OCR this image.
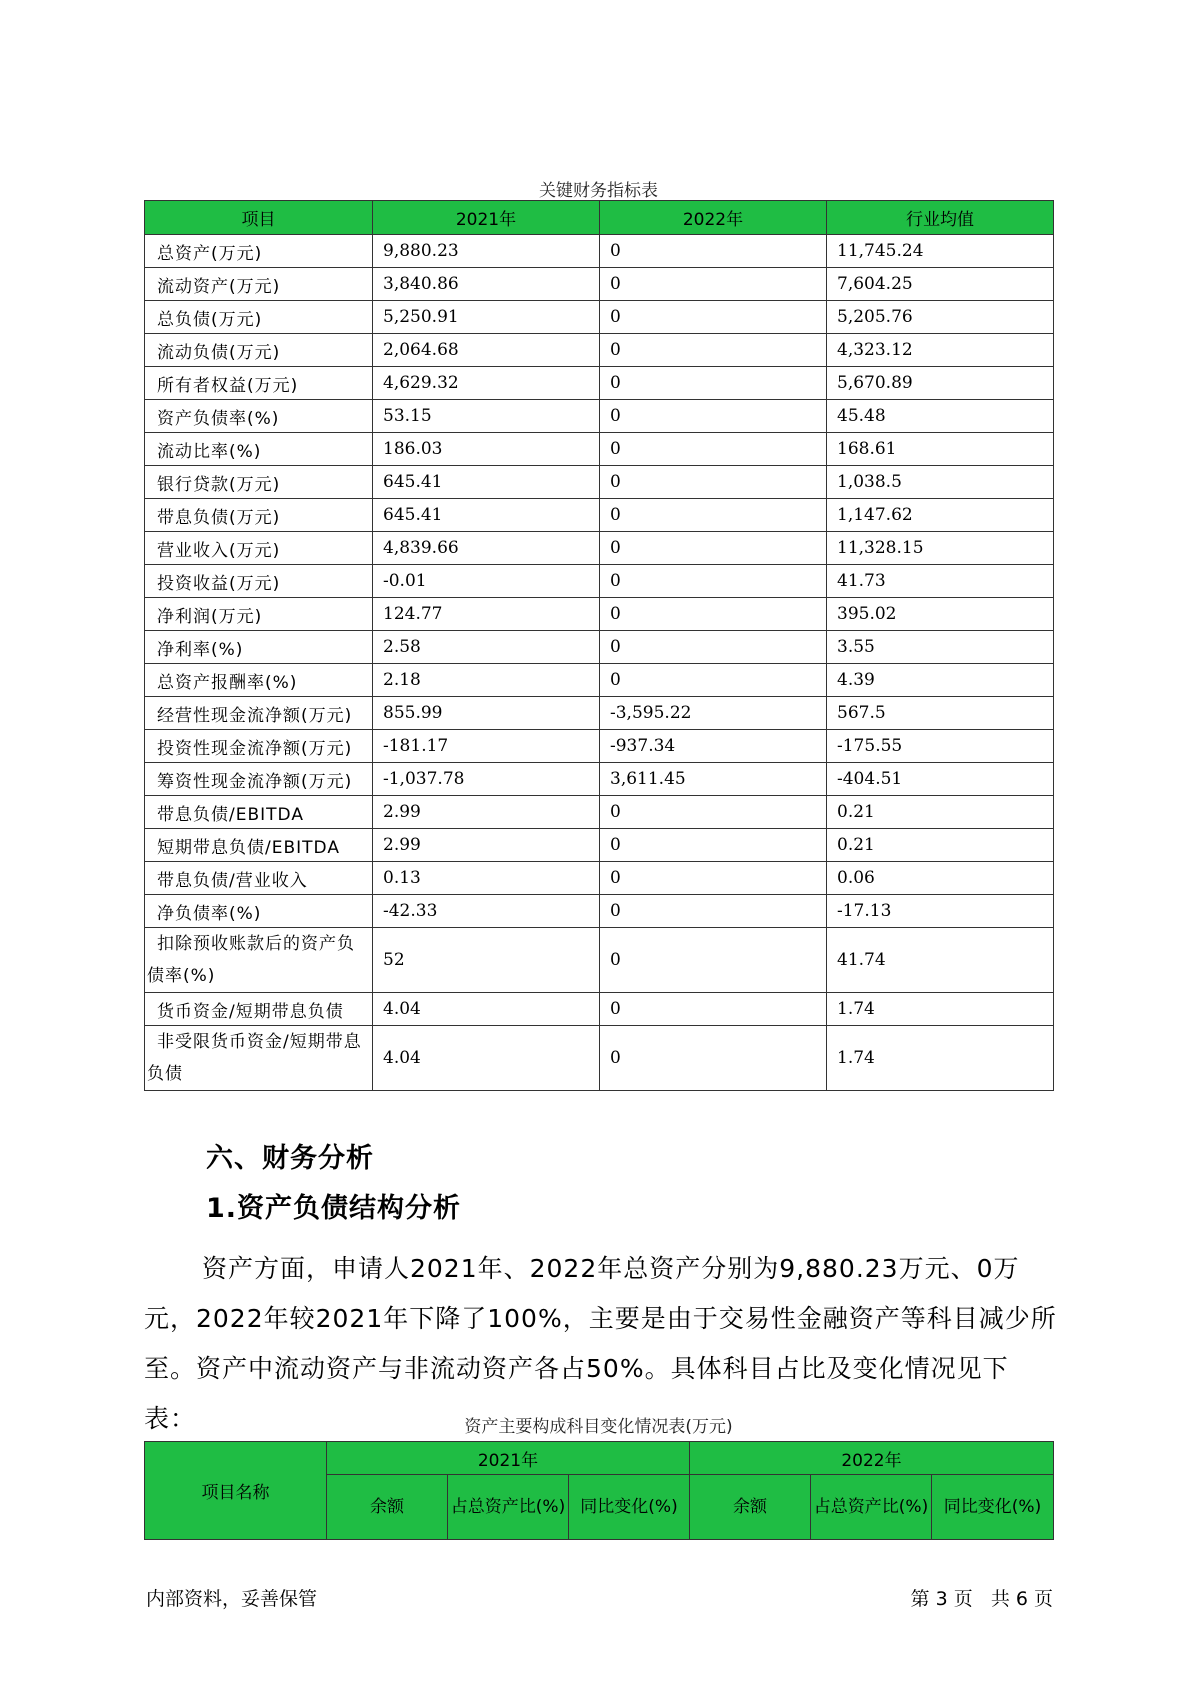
关键财务指标表
项目	2021年	2022年	行业均值
总资产(万元)	9,880.23	0	11,745.24
流动资产(万元)	3,840.86	0	7,604.25
总负债(万元)	5,250.91	0	5,205.76
流动负债(万元)	2,064.68	0	4,323.12
所有者权益(万元)	4,629.32	0	5,670.89
资产负债率(%)	53.15	0	45.48
流动比率(%)	186.03	0	168.61
银行贷款(万元)	645.41	0	1,038.5
带息负债(万元)	645.41	0	1,147.62
营业收入(万元)	4,839.66	0	11,328.15
投资收益(万元)	-0.01	0	41.73
净利润(万元)	124.77	0	395.02
净利率(%)	2.58	0	3.55
总资产报酬率(%)	2.18	0	4.39
经营性现金流净额(万元)	855.99	-3,595.22	567.5
投资性现金流净额(万元)	-181.17	-937.34	-175.55
筹资性现金流净额(万元)	-1,037.78	3,611.45	-404.51
带息负债/EBITDA	2.99	0	0.21
短期带息负债/EBITDA	2.99	0	0.21
带息负债/营业收入	0.13	0	0.06
净负债率(%)	-42.33	0	-17.13
扣除预收账款后的资产负债率(%)	52	0	41.74
货币资金/短期带息负债	4.04	0	1.74
非受限货币资金/短期带息负债	4.04	0	1.74
六、财务分析
1.资产负债结构分析

资产方面，申请人2021年、2022年总资产分别为9,880.23万元、0万元，2022年较2021年下降了100%，主要是由于交易性金融资产等科目减少所至。资产中流动资产与非流动资产各占50%。具体科目占比及变化情况见下表：	资产主要构成科目变化情况表(万元)
项目名称	2021年			2022年		
	余额	占总资产比(%)	同比变化(%)	余额	占总资产比(%)	同比变化(%)
内部资料，妥善保管	第 3 页   共 6 页
